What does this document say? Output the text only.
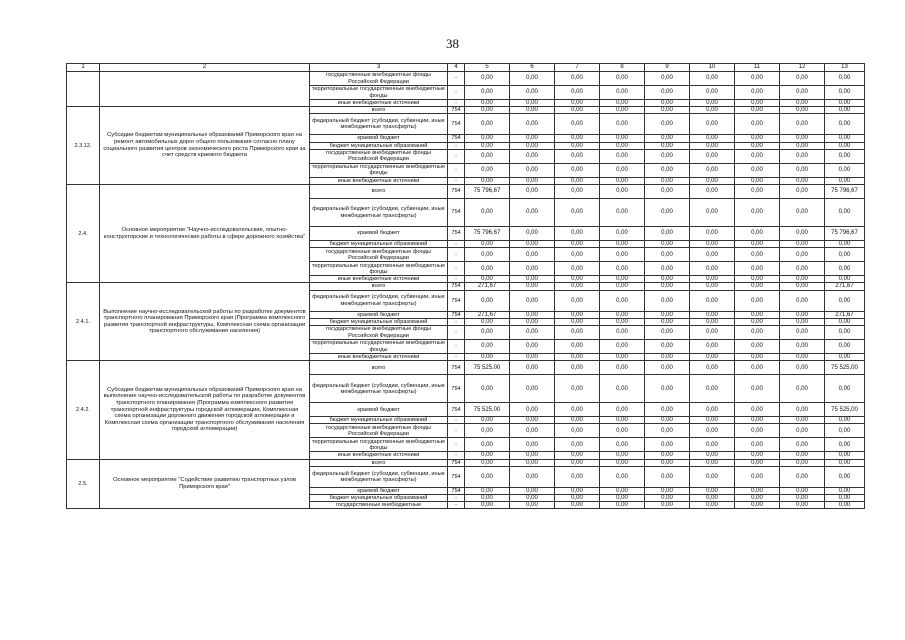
38
1	2	3	4	5	6	7	8	9	10	11	12	13
		государственные внебюджетные фонды Российской Федерации	-	0,00	0,00	0,00	0,00	0,00	0,00	0,00	0,00	0,00
		территориальные государственные внебюджетные фонды	-	0,00	0,00	0,00	0,00	0,00	0,00	0,00	0,00	0,00
		иные внебюджетные источники	-	0,00	0,00	0,00	0,00	0,00	0,00	0,00	0,00	0,00
2.3.12.	Субсидии бюджетам муниципальных образований Приморского края на ремонт автомобильных дорог общего пользования согласно плану социального развития центров экономического роста Приморского края за счет средств краевого бюджета	всего	754	0,00	0,00	0,00	0,00	0,00	0,00	0,00	0,00	0,00
		федеральный бюджет (субсидии, субвенции, иные межбюджетные трансферты)	754	0,00	0,00	0,00	0,00	0,00	0,00	0,00	0,00	0,00
		краевой бюджет	754	0,00	0,00	0,00	0,00	0,00	0,00	0,00	0,00	0,00
		бюджет муниципальных образований	-	0,00	0,00	0,00	0,00	0,00	0,00	0,00	0,00	0,00
		государственные внебюджетные фонды Российской Федерации	-	0,00	0,00	0,00	0,00	0,00	0,00	0,00	0,00	0,00
		территориальные государственные внебюджетные фонды	-	0,00	0,00	0,00	0,00	0,00	0,00	0,00	0,00	0,00
		иные внебюджетные источники	-	0,00	0,00	0,00	0,00	0,00	0,00	0,00	0,00	0,00
2.4.	Основное мероприятие "Научно-исследовательские, опытно-конструкторские и технологические работы в сфере дорожного хозяйства"	всего	754	75 796,67	0,00	0,00	0,00	0,00	0,00	0,00	0,00	75 796,67
		федеральный бюджет (субсидии, субвенции, иные межбюджетные трансферты)	754	0,00	0,00	0,00	0,00	0,00	0,00	0,00	0,00	0,00
		краевой бюджет	754	75 796,67	0,00	0,00	0,00	0,00	0,00	0,00	0,00	75 796,67
		бюджет муниципальных образований	-	0,00	0,00	0,00	0,00	0,00	0,00	0,00	0,00	0,00
		государственные внебюджетные фонды Российской Федерации	-	0,00	0,00	0,00	0,00	0,00	0,00	0,00	0,00	0,00
		территориальные государственные внебюджетные фонды	-	0,00	0,00	0,00	0,00	0,00	0,00	0,00	0,00	0,00
		иные внебюджетные источники	-	0,00	0,00	0,00	0,00	0,00	0,00	0,00	0,00	0,00
2.4.1.	Выполнение научно-исследовательской работы по разработке документов транспортного планирования Приморского края (Программа комплексного развития транспортной инфраструктуры, Комплексная схема организации транспортного обслуживания населения)	всего	754	271,67	0,00	0,00	0,00	0,00	0,00	0,00	0,00	271,67
		федеральный бюджет (субсидии, субвенции, иные межбюджетные трансферты)	754	0,00	0,00	0,00	0,00	0,00	0,00	0,00	0,00	0,00
		краевой бюджет	754	271,67	0,00	0,00	0,00	0,00	0,00	0,00	0,00	271,67
		бюджет муниципальных образований	-	0,00	0,00	0,00	0,00	0,00	0,00	0,00	0,00	0,00
		государственные внебюджетные фонды Российской Федерации	-	0,00	0,00	0,00	0,00	0,00	0,00	0,00	0,00	0,00
		территориальные государственные внебюджетные фонды	-	0,00	0,00	0,00	0,00	0,00	0,00	0,00	0,00	0,00
		иные внебюджетные источники	-	0,00	0,00	0,00	0,00	0,00	0,00	0,00	0,00	0,00
2.4.2.	Субсидии бюджетам муниципальных образований Приморского края на выполнение научно-исследовательской работы по разработке документов транспортного планирования (Программа комплексного развития транспортной инфраструктуры городской агломерации, Комплексная схема организации дорожного движения городской агломерации и Комплексная схема организации транспортного обслуживания населения городской агломерации)	всего	754	75 525,00	0,00	0,00	0,00	0,00	0,00	0,00	0,00	75 525,00
		федеральный бюджет (субсидии, субвенции, иные межбюджетные трансферты)	754	0,00	0,00	0,00	0,00	0,00	0,00	0,00	0,00	0,00
		краевой бюджет	754	75 525,00	0,00	0,00	0,00	0,00	0,00	0,00	0,00	75 525,00
		бюджет муниципальных образований	-	0,00	0,00	0,00	0,00	0,00	0,00	0,00	0,00	0,00
		государственные внебюджетные фонды Российской Федерации	-	0,00	0,00	0,00	0,00	0,00	0,00	0,00	0,00	0,00
		территориальные государственные внебюджетные фонды	-	0,00	0,00	0,00	0,00	0,00	0,00	0,00	0,00	0,00
		иные внебюджетные источники	-	0,00	0,00	0,00	0,00	0,00	0,00	0,00	0,00	0,00
2.5.	Основное мероприятие "Содействие развитию транспортных узлов Приморского края"	всего	754	0,00	0,00	0,00	0,00	0,00	0,00	0,00	0,00	0,00
		федеральный бюджет (субсидии, субвенции, иные межбюджетные трансферты)	754	0,00	0,00	0,00	0,00	0,00	0,00	0,00	0,00	0,00
		краевой бюджет	754	0,00	0,00	0,00	0,00	0,00	0,00	0,00	0,00	0,00
		бюджет муниципальных образований	-	0,00	0,00	0,00	0,00	0,00	0,00	0,00	0,00	0,00
		государственные внебюджетные	-	0,00	0,00	0,00	0,00	0,00	0,00	0,00	0,00	0,00
